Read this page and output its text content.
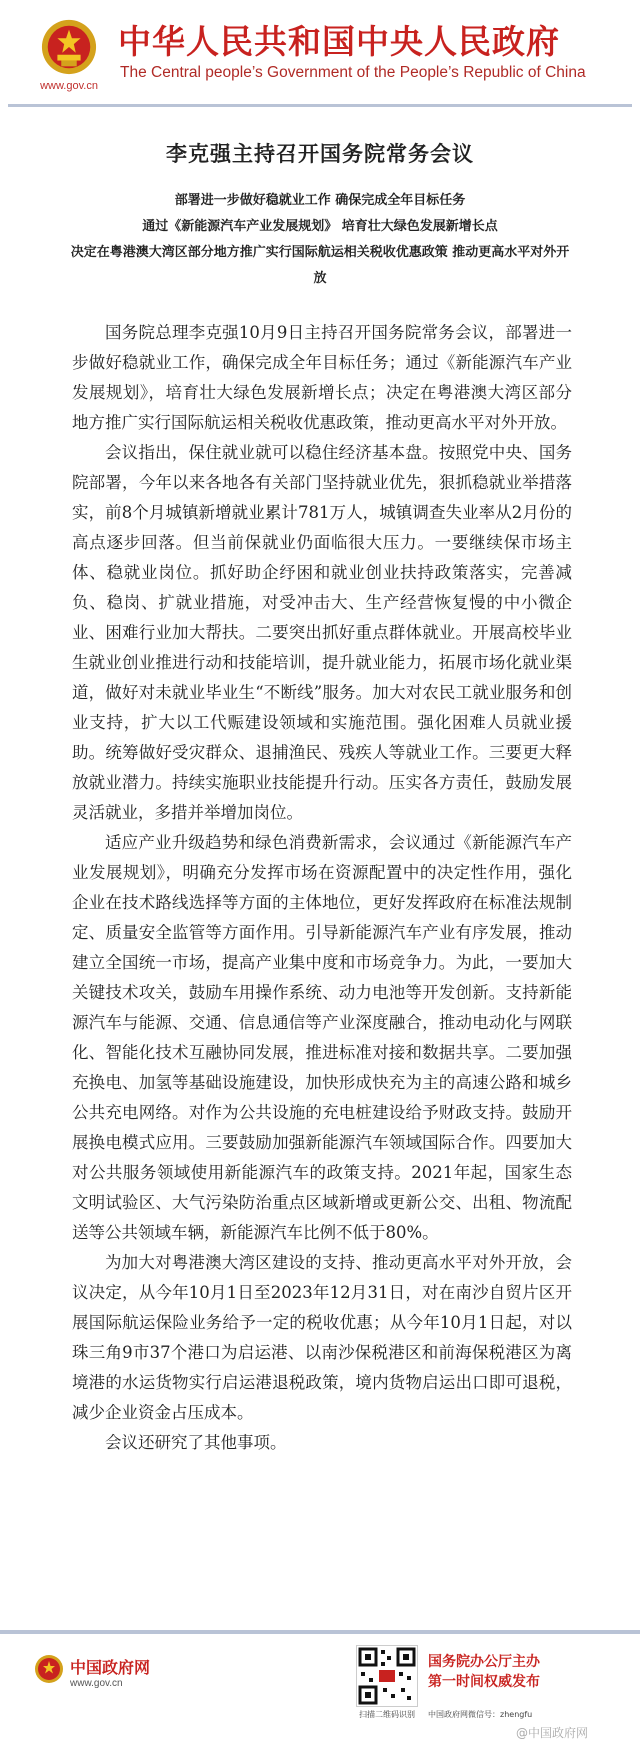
www.gov.cn
中华人民共和国中央人民政府
The Central people’s Government of the People’s Republic of China
李克强主持召开国务院常务会议
部署进一步做好稳就业工作 确保完成全年目标任务
通过《新能源汽车产业发展规划》 培育壮大绿色发展新增长点
决定在粤港澳大湾区部分地方推广实行国际航运相关税收优惠政策 推动更高水平对外开放

国务院总理李克强10月9日主持召开国务院常务会议，部署进一步做好稳就业工作，确保完成全年目标任务；通过《新能源汽车产业发展规划》，培育壮大绿色发展新增长点；决定在粤港澳大湾区部分地方推广实行国际航运相关税收优惠政策，推动更高水平对外开放。

会议指出，保住就业就可以稳住经济基本盘。按照党中央、国务院部署，今年以来各地各有关部门坚持就业优先，狠抓稳就业举措落实，前8个月城镇新增就业累计781万人，城镇调查失业率从2月份的高点逐步回落。但当前保就业仍面临很大压力。一要继续保市场主体、稳就业岗位。抓好助企纾困和就业创业扶持政策落实，完善减负、稳岗、扩就业措施，对受冲击大、生产经营恢复慢的中小微企业、困难行业加大帮扶。二要突出抓好重点群体就业。开展高校毕业生就业创业推进行动和技能培训，提升就业能力，拓展市场化就业渠道，做好对未就业毕业生“不断线”服务。加大对农民工就业服务和创业支持，扩大以工代赈建设领域和实施范围。强化困难人员就业援助。统筹做好受灾群众、退捕渔民、残疾人等就业工作。三要更大释放就业潜力。持续实施职业技能提升行动。压实各方责任，鼓励发展灵活就业，多措并举增加岗位。

适应产业升级趋势和绿色消费新需求，会议通过《新能源汽车产业发展规划》，明确充分发挥市场在资源配置中的决定性作用，强化企业在技术路线选择等方面的主体地位，更好发挥政府在标准法规制定、质量安全监管等方面作用。引导新能源汽车产业有序发展，推动建立全国统一市场，提高产业集中度和市场竞争力。为此，一要加大关键技术攻关，鼓励车用操作系统、动力电池等开发创新。支持新能源汽车与能源、交通、信息通信等产业深度融合，推动电动化与网联化、智能化技术互融协同发展，推进标准对接和数据共享。二要加强充换电、加氢等基础设施建设，加快形成快充为主的高速公路和城乡公共充电网络。对作为公共设施的充电桩建设给予财政支持。鼓励开展换电模式应用。三要鼓励加强新能源汽车领域国际合作。四要加大对公共服务领域使用新能源汽车的政策支持。2021年起，国家生态文明试验区、大气污染防治重点区域新增或更新公交、出租、物流配送等公共领域车辆，新能源汽车比例不低于80%。

为加大对粤港澳大湾区建设的支持、推动更高水平对外开放，会议决定，从今年10月1日至2023年12月31日，对在南沙自贸片区开展国际航运保险业务给予一定的税收优惠；从今年10月1日起，对以珠三角9市37个港口为启运港、以南沙保税港区和前海保税港区为离境港的水运货物实行启运港退税政策，境内货物启运出口即可退税，减少企业资金占压成本。

会议还研究了其他事项。

中国政府网
www.gov.cn
扫描二维码识别
国务院办公厅主办
第一时间权威发布
中国政府网微信号：zhengfu
@中国政府网
